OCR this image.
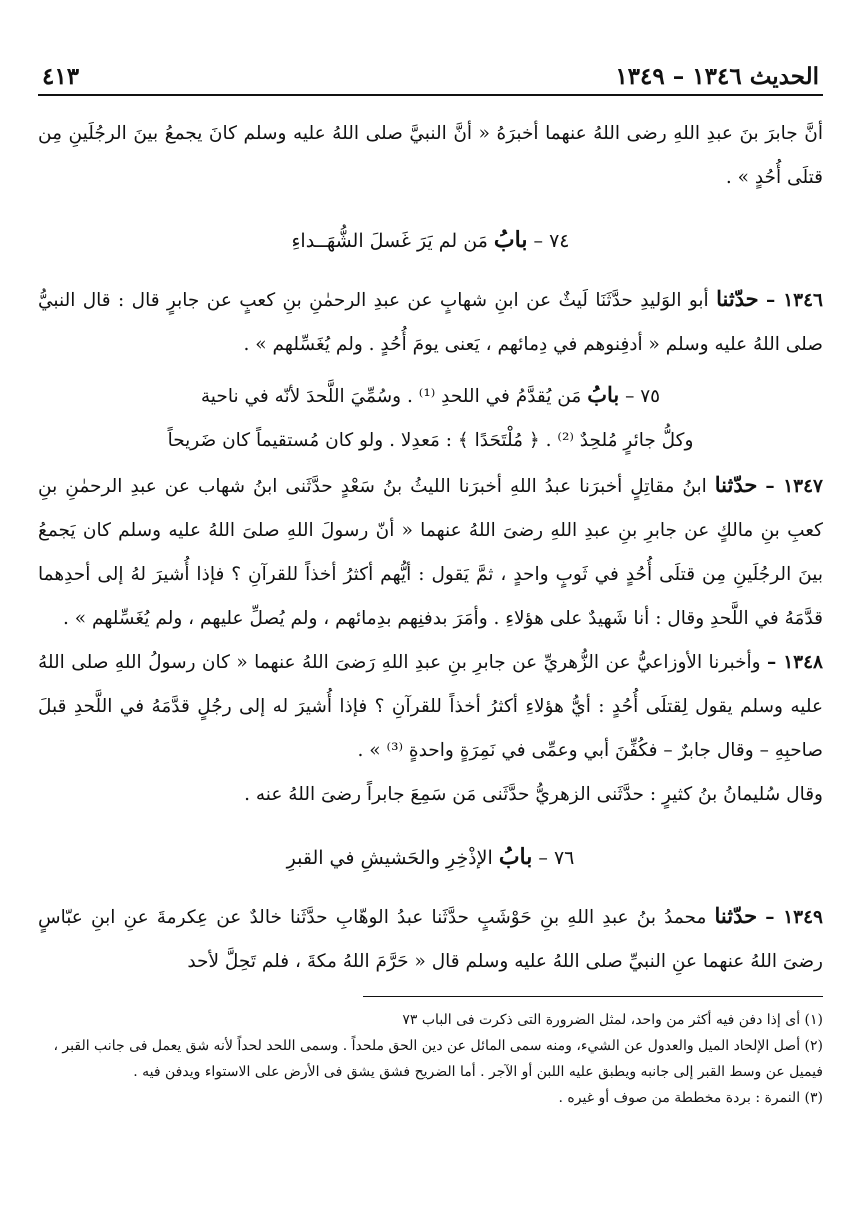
الحديث ١٣٤٦ – ١٣٤٩
٤١٣

أنَّ جابرَ بنَ عبدِ اللهِ رضى اللهُ عنهما أخبرَهُ « أنَّ النبيَّ صلى اللهُ عليه وسلم كانَ يجمعُ بينَ الرجُلَينِ مِن قتلَى أُحُدٍ » .

٧٤ – بابُ مَن لم يَرَ غَسلَ الشُّهَــداءِ

١٣٤٦ – حدّثنا أبو الوَليدِ حدَّثَنَا لَيثٌ عن ابنِ شهابٍ عن عبدِ الرحمٰنِ بنِ كعبٍ عن جابرٍ قال : قال النبيُّ صلى اللهُ عليه وسلم « أدفِنوهم في دِمائهم ، يَعنى يومَ أُحُدٍ . ولم يُغَسِّلهم » .

٧٥ – بابُ مَن يُقدَّمُ في اللحدِ ⁽¹⁾ . وسُمِّيَ اللَّحدَ لأنّه في ناحية
وكلُّ جائرٍ مُلحِدٌ ⁽²⁾ . ﴿ مُلْتَحَدًا ﴾ : مَعدِلا . ولو كان مُستقيماً كان ضَريحاً

١٣٤٧ – حدّثنا ابنُ مقاتِلٍ أخبرَنا عبدُ اللهِ أخبرَنا الليثُ بنُ سَعْدٍ حدَّثَنى ابنُ شهاب عن عبدِ الرحمٰنِ بنِ كعبِ بنِ مالكٍ عن جابرِ بنِ عبدِ اللهِ رضىَ اللهُ عنهما « أنّ رسولَ اللهِ صلىَ اللهُ عليه وسلم كان يَجمعُ بينَ الرجُلَينِ مِن قتلَى أُحُدٍ في ثَوبٍ واحدٍ ، ثمَّ يَقول : أيُّهم أكثرُ أخذاً للقرآنِ ؟ فإذا أُشيرَ لهُ إلى أحدِهما قدَّمَهُ في اللَّحدِ وقال : أنا شَهيدٌ على هؤلاءِ . وأمَرَ بدفنِهم بدِمائهم ، ولم يُصلِّ عليهم ، ولم يُغَسِّلهم » .

١٣٤٨ – وأخبرنا الأوزاعيُّ عن الزُّهريِّ عن جابرِ بنِ عبدِ اللهِ رَضىَ اللهُ عنهما « كان رسولُ اللهِ صلى اللهُ عليه وسلم يقول لِقتلَى أُحُدٍ : أيُّ هؤلاءِ أكثرُ أخذاً للقرآنِ ؟ فإذا أُشيرَ له إلى رجُلٍ قدَّمَهُ في اللَّحدِ قبلَ صاحبِهِ – وقال جابرٌ – فكُفِّنَ أبي وعمِّى في نَمِرَةٍ واحدةٍ ⁽³⁾ » .

وقال سُليمانُ بنُ كثيرٍ : حدَّثَنى الزهريُّ حدَّثَنى مَن سَمِعَ جابراً رضىَ اللهُ عنه .

٧٦ – بابُ الإذْخِرِ والحَشيشِ في القبرِ

١٣٤٩ – حدّثنا محمدُ بنُ عبدِ اللهِ بنِ حَوْشَبٍ حدَّثَنا عبدُ الوهّابِ حدَّثَنا خالدٌ عن عِكرمةَ عنِ ابنِ عبّاسٍ رضىَ اللهُ عنهما عنِ النبيِّ صلى اللهُ عليه وسلم قال « حَرَّمَ اللهُ مكةَ ، فلم تَحِلَّ لأحد

(١) أى إذا دفن فيه أكثر من واحد، لمثل الضرورة التى ذكرت فى الباب ٧٣

(٢) أصل الإلحاد الميل والعدول عن الشيء، ومنه سمى المائل عن دين الحق ملحداً . وسمى اللحد لحداً لأنه شق يعمل فى جانب القبر ، فيميل عن وسط القبر إلى جانبه ويطبق عليه اللبن أو الآجر . أما الضريح فشق يشق فى الأرض على الاستواء ويدفن فيه .

(٣) النمرة : بردة مخططة من صوف أو غيره .
